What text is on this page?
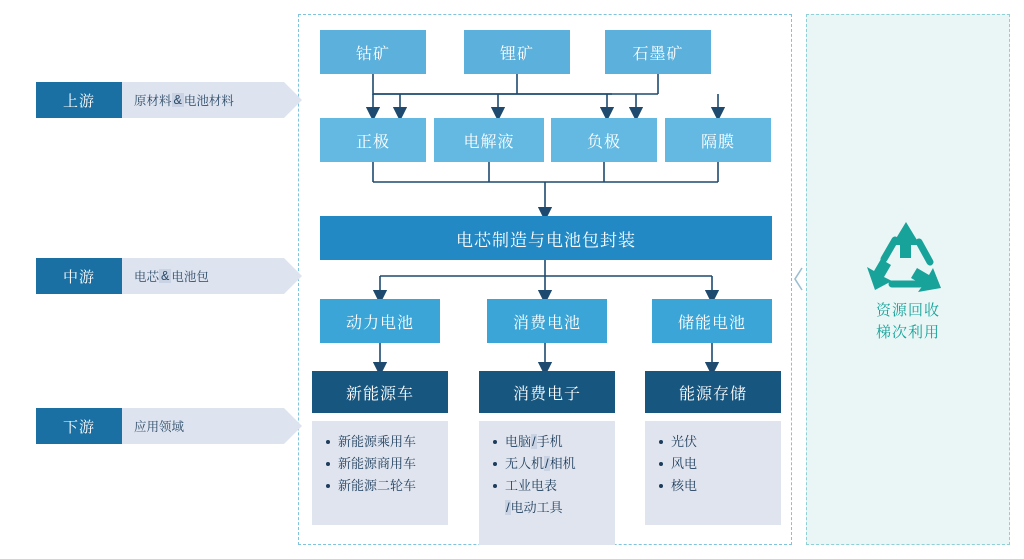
上游	原材料 & 电池材料
中游	电芯 & 电池包
下游	应用领域
钴矿	锂矿	石墨矿
正极	电解液	负极	隔膜
电芯制造与电池包封装
动力电池	消费电池	储能电池
新能源车	消费电子	能源存储
新能源乘用车
新能源商用车
新能源二轮车
电脑/手机
无人机/相机
工业电表
/电动工具
光伏
风电
核电
资源回收
梯次利用
